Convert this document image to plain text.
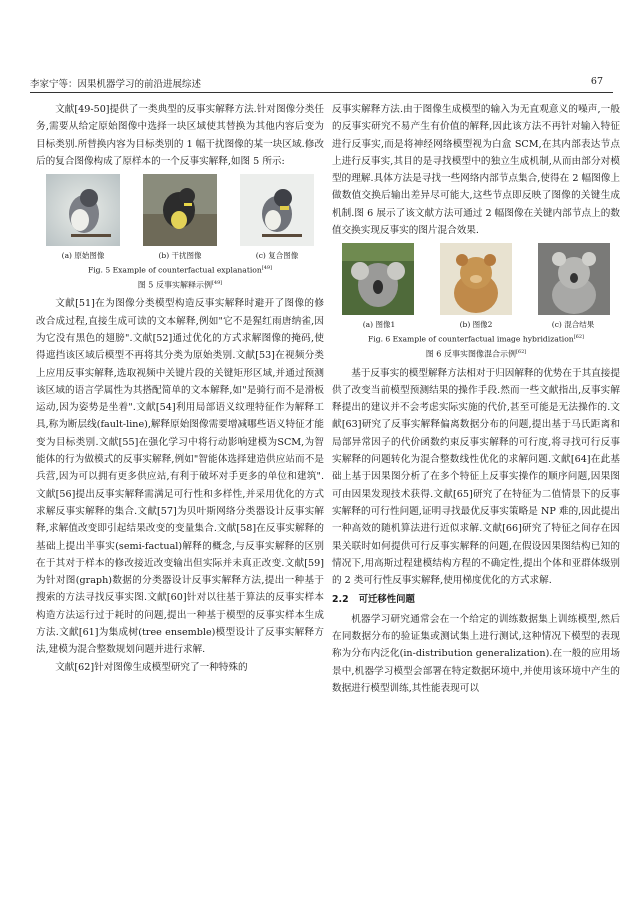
李家宁等：因果机器学习的前沿进展综述	67

文献[49-50]提供了一类典型的反事实解释方法.针对图像分类任务,需要从给定原始图像中选择一块区域使其替换为其他内容后变为目标类别.所替换内容为目标类别的 1 幅干扰图像的某一块区域.修改后的复合图像构成了原样本的一个反事实解释,如图 5 所示:

(a) 原始图像	(b) 干扰图像	(c) 复合图像
Fig. 5 Example of counterfactual explanation[49]
图 5 反事实解释示例[49]

文献[51]在为图像分类模型构造反事实解释时避开了图像的修改合成过程,直接生成可读的文本解释,例如"它不是猩红雨唐纳雀,因为它没有黑色的翅膀".文献[52]通过优化的方式求解图像的掩码,使得遮挡该区域后模型不再将其分类为原始类别.文献[53]在视频分类上应用反事实解释,选取视频中关键片段的关键矩形区域,并通过预测该区域的语言学属性为其搭配简单的文本解释,如"是骑行而不是滑板运动,因为姿势是坐着".文献[54]利用局部语义纹理特征作为解释工具,称为断层线(fault-line),解释原始图像需要增减哪些语义特征才能变为目标类别.文献[55]在强化学习中将行动影响建模为SCM,为智能体的行为做模式的反事实解释,例如"智能体选择建造供应站而不是兵营,因为可以拥有更多供应站,有利于破坏对手更多的单位和建筑".文献[56]提出反事实解释需满足可行性和多样性,并采用优化的方式求解反事实解释的集合.文献[57]为贝叶斯网络分类器设计反事实解释,求解值改变即引起结果改变的变量集合.文献[58]在反事实解释的基础上提出半事实(semi-factual)解释的概念,与反事实解释的区别在于其对于样本的修改接近改变输出但实际并未真正改变.文献[59]为针对图(graph)数据的分类器设计反事实解释方法,提出一种基于搜索的方法寻找反事实图.文献[60]针对以往基于算法的反事实样本构造方法运行过于耗时的问题,提出一种基于模型的反事实样本生成方法.文献[61]为集成树(tree ensemble)模型设计了反事实解释方法,建模为混合整数规划问题并进行求解.

文献[62]针对图像生成模型研究了一种特殊的

反事实解释方法.由于图像生成模型的输入为无直观意义的噪声,一般的反事实研究不易产生有价值的解释,因此该方法不再针对输入特征进行反事实,而是将神经网络模型视为白盒 SCM,在其内部表达节点上进行反事实,其目的是寻找模型中的独立生成机制,从而由部分对模型的理解.具体方法是寻找一些网络内部节点集合,使得在 2 幅图像上做数值交换后输出差异尽可能大,这些节点即反映了图像的关键生成机制.图 6 展示了该文献方法可通过 2 幅图像在关键内部节点上的数值交换实现反事实的图片混合效果.

(a) 图像1	(b) 图像2	(c) 混合结果
Fig. 6 Example of counterfactual image hybridization[62]
图 6 反事实图像混合示例[62]

基于反事实的模型解释方法相对于归因解释的优势在于其直接提供了改变当前模型预测结果的操作手段.然而一些文献指出,反事实解释提出的建议并不会考虑实际实施的代价,甚至可能是无法操作的.文献[63]研究了反事实解释偏离数据分布的问题,提出基于马氏距离和局部异常因子的代价函数约束反事实解释的可行度,将寻找可行反事实解释的问题转化为混合整数线性优化的求解问题.文献[64]在此基础上基于因果图分析了在多个特征上反事实操作的顺序问题,因果图可由因果发现技术获得.文献[65]研究了在特征为二值情景下的反事实解释的可行性问题,证明寻找最优反事实策略是 NP 难的,因此提出一种高效的随机算法进行近似求解.文献[66]研究了特征之间存在因果关联时如何提供可行反事实解释的问题,在假设因果图结构已知的情况下,用高斯过程建模结构方程的不确定性,提出个体和亚群体级别的 2 类可行性反事实解释,使用梯度优化的方式求解.

2.2 可迁移性问题

机器学习研究通常会在一个给定的训练数据集上训练模型,然后在同数据分布的验证集或测试集上进行测试,这种情况下模型的表现称为分布内泛化(in-distribution generalization).在一般的应用场景中,机器学习模型会部署在特定数据环境中,并使用该环境中产生的数据进行模型训练,其性能表现可以
